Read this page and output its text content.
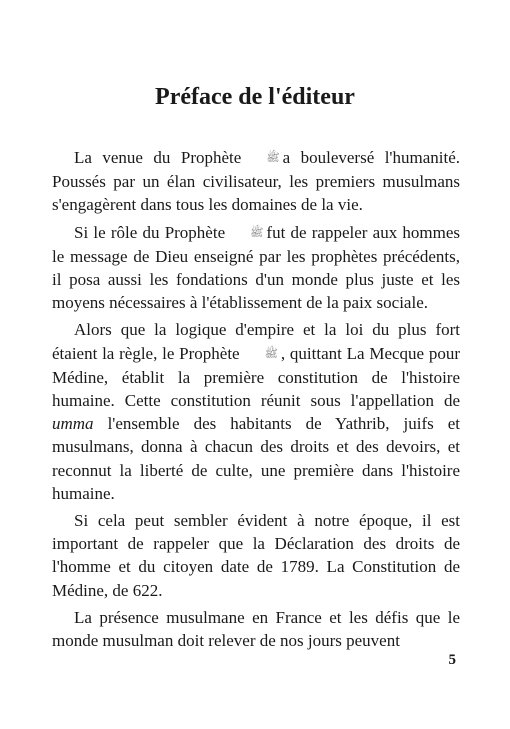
Préface de l'éditeur

La venue du Prophète ﷺ a bouleversé l'humanité. Poussés par un élan civilisateur, les premiers musulmans s'engagèrent dans tous les domaines de la vie.

Si le rôle du Prophète ﷺ fut de rappeler aux hommes le message de Dieu enseigné par les prophètes précédents, il posa aussi les fondations d'un monde plus juste et les moyens nécessaires à l'établissement de la paix sociale.

Alors que la logique d'empire et la loi du plus fort étaient la règle, le Prophète ﷺ , quittant La Mecque pour Médine, établit la première constitution de l'histoire humaine. Cette constitution réunit sous l'appellation de umma l'ensemble des habitants de Yathrib, juifs et musulmans, donna à chacun des droits et des devoirs, et reconnut la liberté de culte, une première dans l'histoire humaine.

Si cela peut sembler évident à notre époque, il est important de rappeler que la Déclaration des droits de l'homme et du citoyen date de 1789. La Constitution de Médine, de 622.

La présence musulmane en France et les défis que le monde musulman doit relever de nos jours peuvent

5
